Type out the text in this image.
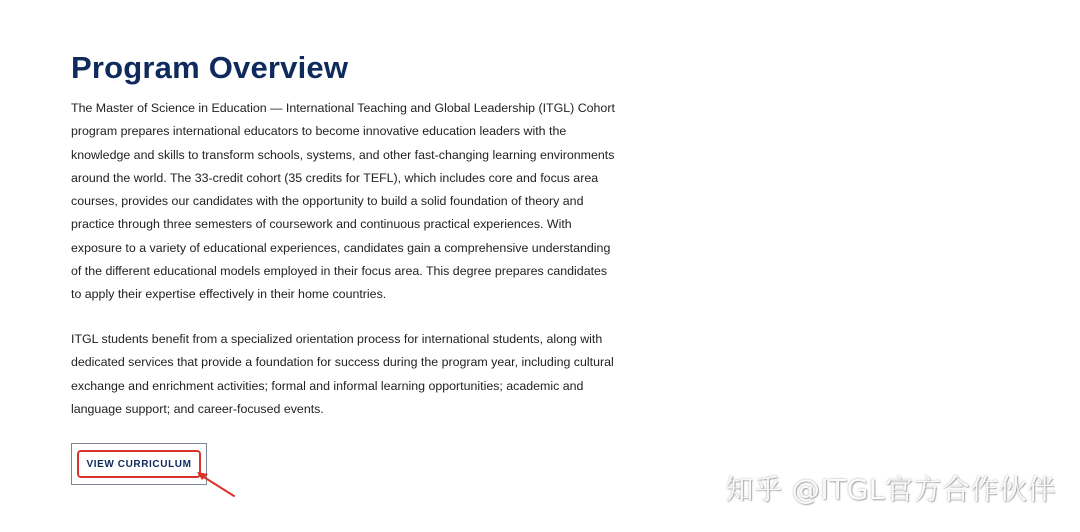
Program Overview

The Master of Science in Education — International Teaching and Global Leadership (ITGL) Cohort program prepares international educators to become innovative education leaders with the knowledge and skills to transform schools, systems, and other fast-changing learning environments around the world. The 33-credit cohort (35 credits for TEFL), which includes core and focus area courses, provides our candidates with the opportunity to build a solid foundation of theory and practice through three semesters of coursework and continuous practical experiences. With exposure to a variety of educational experiences, candidates gain a comprehensive understanding of the different educational models employed in their focus area. This degree prepares candidates to apply their expertise effectively in their home countries.

ITGL students benefit from a specialized orientation process for international students, along with dedicated services that provide a foundation for success during the program year, including cultural exchange and enrichment activities; formal and informal learning opportunities; academic and language support; and career-focused events.

VIEW CURRICULUM
知乎 @ITGL官方合作伙伴
